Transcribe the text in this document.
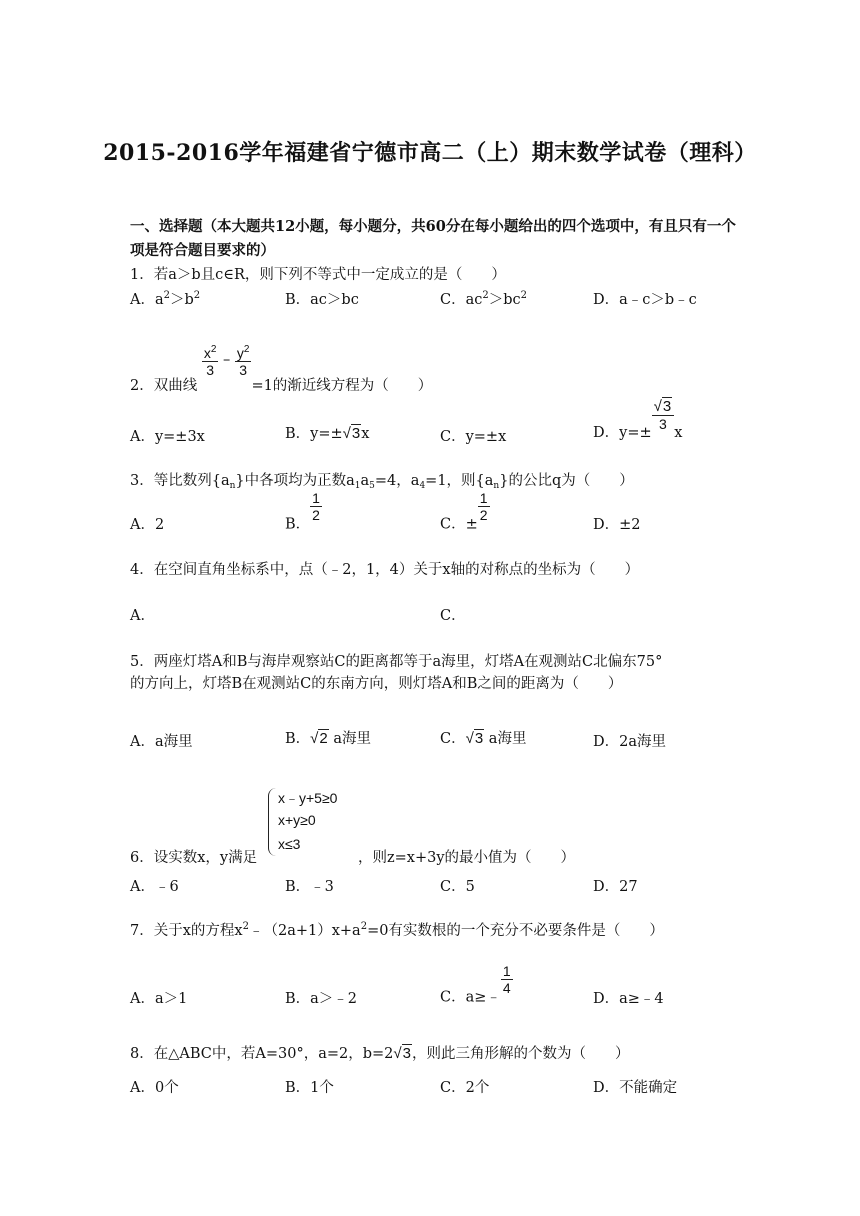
2015-2016学年福建省宁德市高二（上）期末数学试卷（理科）
一、选择题（本大题共12小题，每小题分，共60分在每小题给出的四个选项中，有且只有一个项是符合题目要求的）
1．若a＞b且c∈R，则下列不等式中一定成立的是（　　）
A．$a^2>b^2$	B．ac＞bc	C．$ac^2>bc^2$	D．a﹣c＞b﹣c
2．双曲线
$\frac{x^2}{3} - \frac{y^2}{3}$
=1的渐近线方程为（　　）
A．y=±3x	B．y=±√3x	C．y=±x	D．y=±
$\frac{√3}{3}$
x
3．等比数列$\{a_n\}$中各项均为正数$a_1a_5=4$，$a_4=1$，则$\{a_n\}$的公比q为（　　）
A．2	B．
$\frac{1}{2}$
C．±
$\frac{1}{2}$
D．±2
4．在空间直角坐标系中，点（﹣2，1，4）关于x轴的对称点的坐标为（　　）
A．	C．
5．两座灯塔A和B与海岸观察站C的距离都等于a海里，灯塔A在观测站C北偏东75°
的方向上，灯塔B在观测站C的东南方向，则灯塔A和B之间的距离为（　　）
A．a海里	B．√2 a海里	C．√3 a海里	D．2a海里
6．设实数x，y满足
x﹣y+5≥0
x+y≥0
x≤3
，则z=x+3y的最小值为（　　）
A．﹣6	B．﹣3	C．5	D．27
7．关于x的方程$x^2﹣(2a+1)x+a^2=0$有实数根的一个充分不必要条件是（　　）
A．a＞1	B．a＞﹣2	C．a≥﹣
$\frac{1}{4}$
D．a≥﹣4
8．在△ABC中，若A=30°，a=2，b=2√3，则此三角形解的个数为（　　）
A．0个	B．1个	C．2个	D．不能确定
